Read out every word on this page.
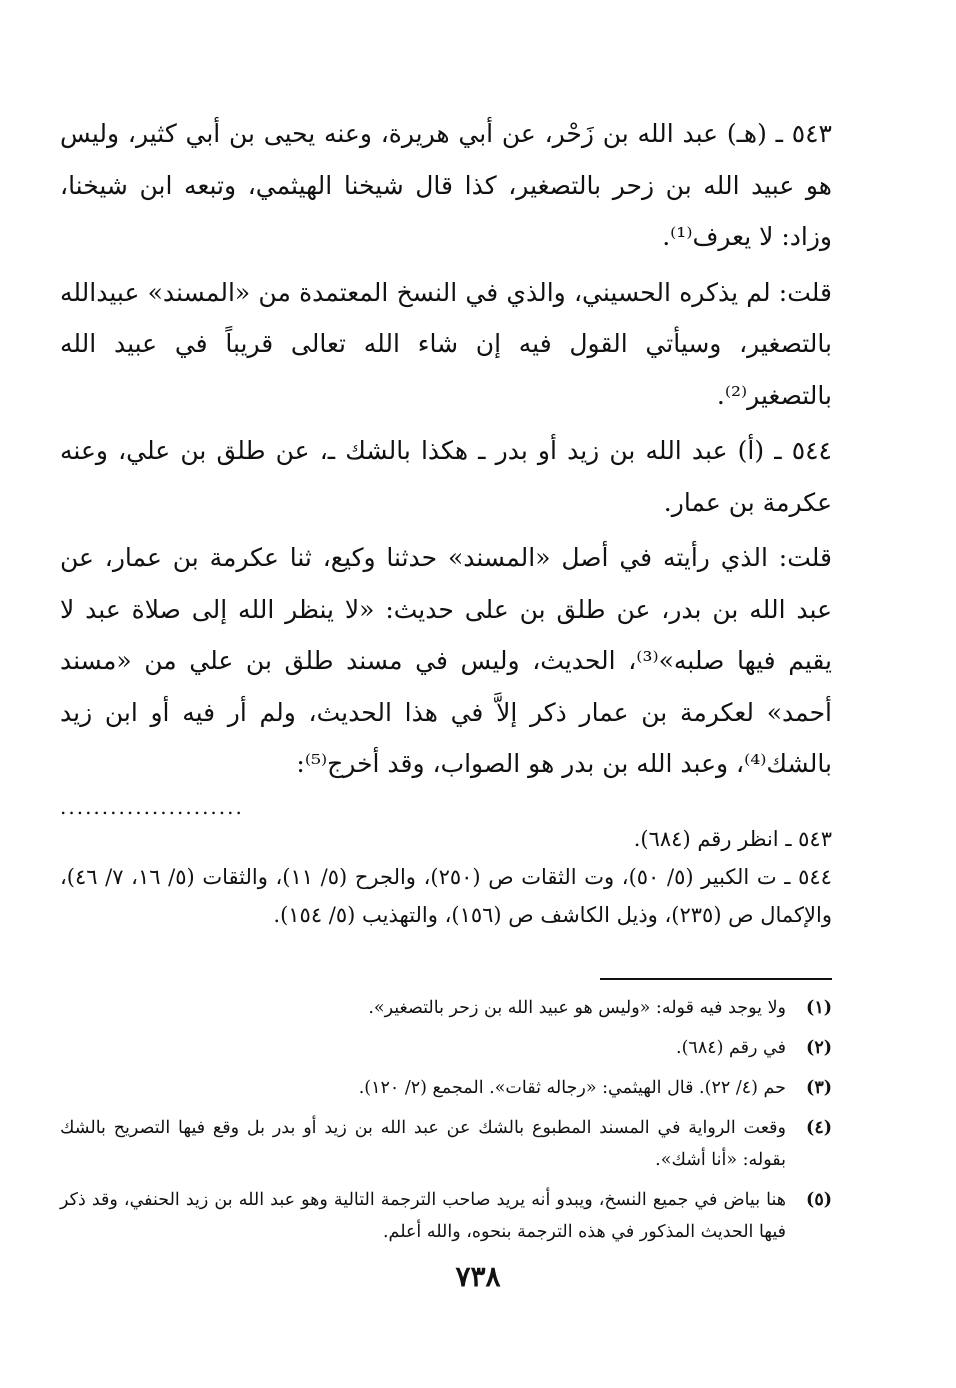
٥٤٣ ـ (هـ) عبد الله بن زَحْر، عن أبي هريرة، وعنه يحيى بن أبي كثير، وليس هو عبيد الله بن زحر بالتصغير، كذا قال شيخنا الهيثمي، وتبعه ابن شيخنا، وزاد: لا يعرف⁽¹⁾.

قلت: لم يذكره الحسيني، والذي في النسخ المعتمدة من «المسند» عبيدالله بالتصغير، وسيأتي القول فيه إن شاء الله تعالى قريباً في عبيد الله بالتصغير⁽²⁾.

٥٤٤ ـ (أ) عبد الله بن زيد أو بدر ـ هكذا بالشك ـ، عن طلق بن علي، وعنه عكرمة بن عمار.

قلت: الذي رأيته في أصل «المسند» حدثنا وكيع، ثنا عكرمة بن عمار، عن عبد الله بن بدر، عن طلق بن على حديث: «لا ينظر الله إلى صلاة عبد لا يقيم فيها صلبه»⁽³⁾، الحديث، وليس في مسند طلق بن علي من «مسند أحمد» لعكرمة بن عمار ذكر إلاَّ في هذا الحديث، ولم أر فيه أو ابن زيد بالشك⁽⁴⁾، وعبد الله بن بدر هو الصواب، وقد أخرج⁽⁵⁾:

......................

٥٤٣ ـ انظر رقم (٦٨٤).

٥٤٤ ـ ت الكبير (٥/ ٥٠)، وت الثقات ص (٢٥٠)، والجرح (٥/ ١١)، والثقات (٥/ ١٦، ٧/ ٤٦)، والإكمال ص (٢٣٥)، وذيل الكاشف ص (١٥٦)، والتهذيب (٥/ ١٥٤).

(١)
ولا يوجد فيه قوله: «وليس هو عبيد الله بن زحر بالتصغير».
(٢)
في رقم (٦٨٤).
(٣)
حم (٤/ ٢٢). قال الهيثمي: «رجاله ثقات». المجمع (٢/ ١٢٠).
(٤)
وقعت الرواية في المسند المطبوع بالشك عن عبد الله بن زيد أو بدر بل وقع فيها التصريح بالشك بقوله: «أنا أشك».
(٥)
هنا بياض في جميع النسخ، ويبدو أنه يريد صاحب الترجمة التالية وهو عبد الله بن زيد الحنفي، وقد ذكر فيها الحديث المذكور في هذه الترجمة بنحوه، والله أعلم.
٧٣٨
